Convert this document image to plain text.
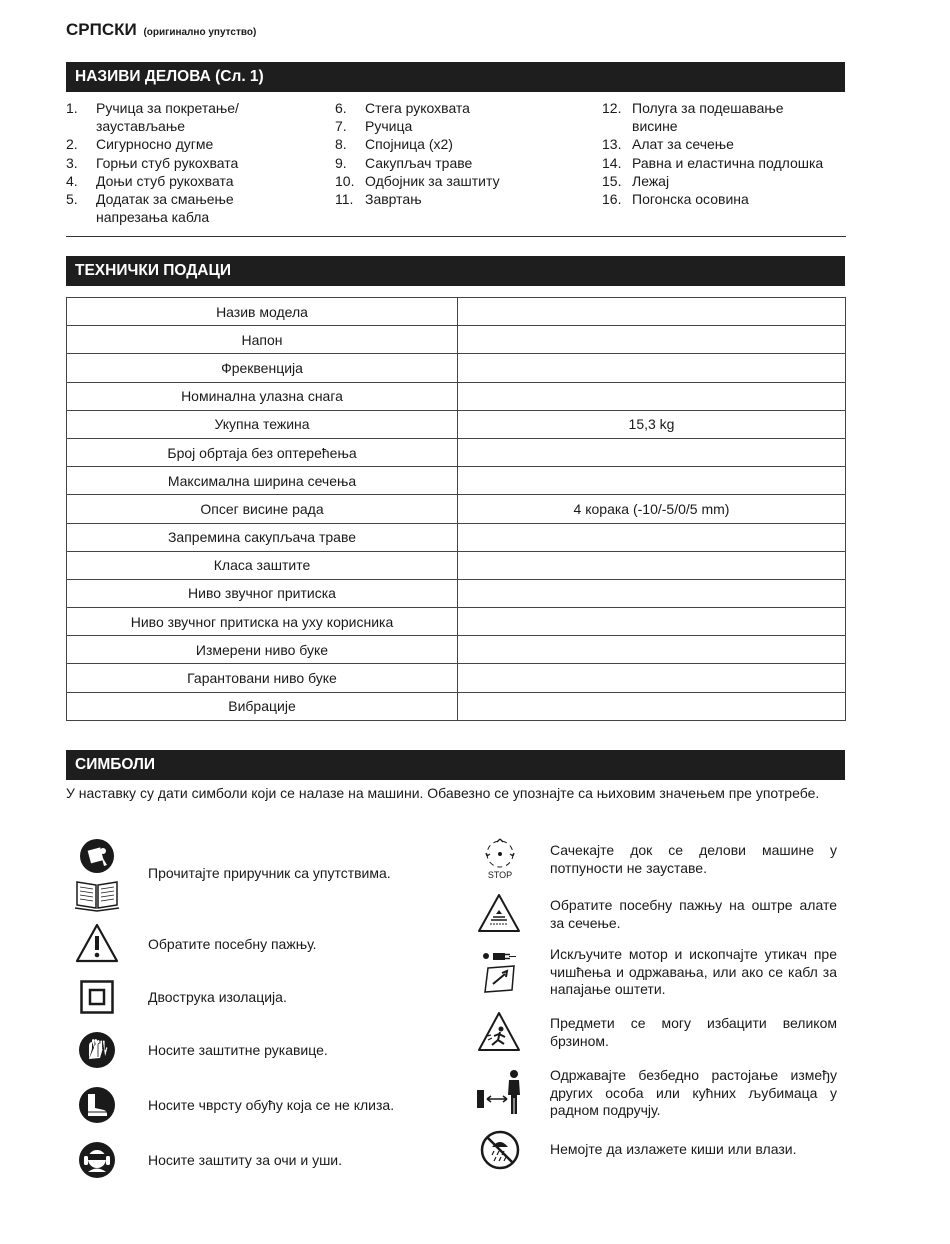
СРПСКИ (оригинално упутство)
НАЗИВИ ДЕЛОВА (Сл. 1)
1.	Ручица за покретање/ заустављање
2.	Сигурносно дугме
3.	Горњи стуб рукохвата
4.	Доњи стуб рукохвата
5.	Додатак за смањење напрезања кабла
6.	Стега рукохвата
7.	Ручица
8.	Спојница (x2)
9.	Сакупљач траве
10. Одбојник за заштиту
11. Завртањ
12. Полуга за подешавање висине
13. Алат за сечење
14. Равна и еластична подлошка
15. Лежај
16. Погонска осовина
ТЕХНИЧКИ ПОДАЦИ
Назив модела	
Напон	
Фреквенција	
Номинална улазна снага	
Укупна тежина	15,3 kg
Број обртаја без оптерећења	
Максимална ширина сечења	
Опсег висине рада	4 корака (-10/-5/0/5 mm)
Запремина сакупљача траве	
Класа заштите	
Ниво звучног притиска	
Ниво звучног притиска на уху корисника	
Измерени ниво буке	
Гарантовани ниво буке	
Вибрације	
СИМБОЛИ
У наставку су дати симболи који се налазе на машини. Обавезно се упознајте са њиховим значењем пре употребе.
Прочитајте приручник са упутствима.
Обратите посебну пажњу.
Двострука изолација.
Носите заштитне рукавице.
Носите чврсту обућу која се не клиза.
Носите заштиту за очи и уши.
STOP
Сачекајте док се делови машине у потпуности не зауставе.
Обратите посебну пажњу на оштре алате за сечење.
Искључите мотор и ископчајте утикач пре чишћења и одржавања, или ако се кабл за напајање оштети.
Предмети се могу избацити великом брзином.
Одржавајте безбедно растојање између других особа или кућних љубимаца у радном подручју.
Немојте да излажете киши или влази.
